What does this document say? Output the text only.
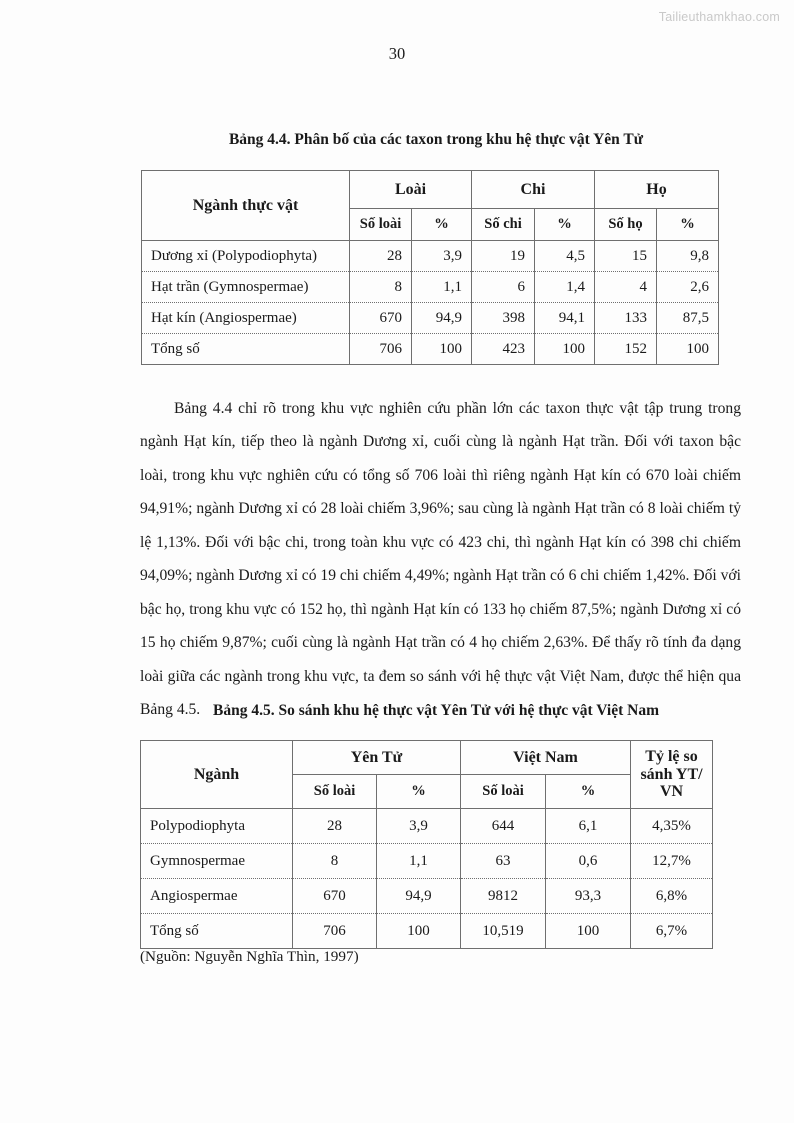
Tailieuthamkhao.com
30
Bảng 4.4. Phân bố của các taxon trong khu hệ thực vật Yên Tử
Ngành thực vật	Loài		Chi		Họ	
	Số loài	%	Số chi	%	Số họ	%
Dương xỉ (Polypodiophyta)	28	3,9	19	4,5	15	9,8
Hạt trần (Gymnospermae)	8	1,1	6	1,4	4	2,6
Hạt kín (Angiospermae)	670	94,9	398	94,1	133	87,5
Tổng số	706	100	423	100	152	100

Bảng 4.4 chỉ rõ trong khu vực nghiên cứu phần lớn các taxon thực vật tập trung trong ngành Hạt kín, tiếp theo là ngành Dương xỉ, cuối cùng là ngành Hạt trần. Đối với taxon bậc loài, trong khu vực nghiên cứu có tổng số 706 loài thì riêng ngành Hạt kín có 670 loài chiếm 94,91%; ngành Dương xỉ có 28 loài chiếm 3,96%; sau cùng là ngành Hạt trần có 8 loài chiếm tỷ lệ 1,13%. Đối với bậc chi, trong toàn khu vực có 423 chi, thì ngành Hạt kín có 398 chi chiếm 94,09%; ngành Dương xỉ có 19 chi chiếm 4,49%; ngành Hạt trần có 6 chi chiếm 1,42%. Đối với bậc họ, trong khu vực có 152 họ, thì ngành Hạt kín có 133 họ chiếm 87,5%; ngành Dương xỉ có 15 họ chiếm 9,87%; cuối cùng là ngành Hạt trần có 4 họ chiếm 2,63%. Để thấy rõ tính đa dạng loài giữa các ngành trong khu vực, ta đem so sánh với hệ thực vật Việt Nam, được thể hiện qua Bảng 4.5. Bảng 4.5. So sánh khu hệ thực vật Yên Tử với hệ thực vật Việt Nam
Ngành	Yên Tử		Việt Nam		Tỷ lệ so sánh YT/ VN
	Số loài	%	Số loài	%	
Polypodiophyta	28	3,9	644	6,1	4,35%
Gymnospermae	8	1,1	63	0,6	12,7%
Angiospermae	670	94,9	9812	93,3	6,8%
Tổng số	706	100	10,519	100	6,7%
(Nguồn: Nguyễn Nghĩa Thìn, 1997)
